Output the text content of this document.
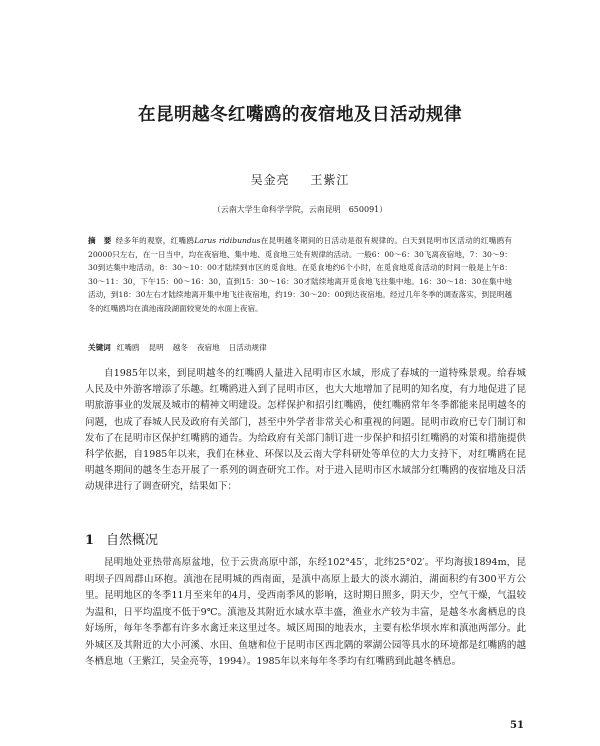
在昆明越冬红嘴鸥的夜宿地及日活动规律
吴金亮 王紫江
（云南大学生命科学学院，云南昆明　650091）

摘　要 经多年的观察，红嘴鸥Larus ridibundus在昆明越冬期间的日活动是很有规律的。白天到昆明市区活动的红嘴鸥有20000只左右，在一日当中，均在夜宿地、集中地、觅食地三处有规律的活动。一般6：00～6：30飞离夜宿地，7：30～9：30到达集中地活动，8：30～10：00才陆续到市区的觅食地。在觅食地约6个小时，在觅食地觅食活动的时间一般是上午8：30～11：30，下午15：00～16：30，直到15：30～16：30才陆续地离开觅食地飞往集中地。16：30～18：30在集中地活动，到18：30左右才陆续地离开集中地飞往夜宿地，约19：30～20：00到达夜宿地。经过几年冬季的调查落实，到昆明越冬的红嘴鸥均在滇池南段湖面较宽处的水面上夜宿。

关键词 红嘴鸥 昆明 越冬 夜宿地 日活动规律

自1985年以来，到昆明越冬的红嘴鸥人量进入昆明市区水域，形成了春城的一道特殊景观。给春城人民及中外游客增添了乐趣。红嘴鸥进入到了昆明市区，也大大地增加了昆明的知名度，有力地促进了昆明旅游事业的发展及城市的精神文明建设。怎样保护和招引红嘴鸥，使红嘴鸥常年冬季都能来昆明越冬的问题，也成了春城人民及政府有关部门，甚至中外学者非常关心和重视的问题。昆明市政府已专门制订和发布了在昆明市区保护红嘴鸥的通告。为给政府有关部门制订进一步保护和招引红嘴鸥的对策和措施提供科学依据，自1985年以来，我们在林业、环保以及云南大学科研处等单位的大力支持下，对红嘴鸥在昆明越冬期间的越冬生态开展了一系列的调查研究工作。对于进入昆明市区水域部分红嘴鸥的夜宿地及日活动规律进行了调查研究，结果如下：

1 自然概况

昆明地处亚热带高原盆地，位于云贵高原中部，东经102°45′，北纬25°02′。平均海拔1894m，昆明坝子四周群山环抱。滇池在昆明城的西南面，是滇中高原上最大的淡水湖泊，湖面积约有300平方公里。昆明地区的冬季11月至来年的4月，受西南季风的影响，这时期日照多，阴天少，空气干燥，气温较为温和，日平均温度不低于9℃。滇池及其附近水域水草丰盛，渔业水产较为丰富，是越冬水禽栖息的良好场所，每年冬季都有许多水禽迁来这里过冬。城区周围的地表水，主要有松华坝水库和滇池两部分。此外城区及其附近的大小河溪、水田、鱼塘和位于昆明市区西北隅的翠湖公园等具水的环境都是红嘴鸥的越冬栖息地（王紫江，吴金亮等，1994）。1985年以来每年冬季均有红嘴鸥到此越冬栖息。

51
